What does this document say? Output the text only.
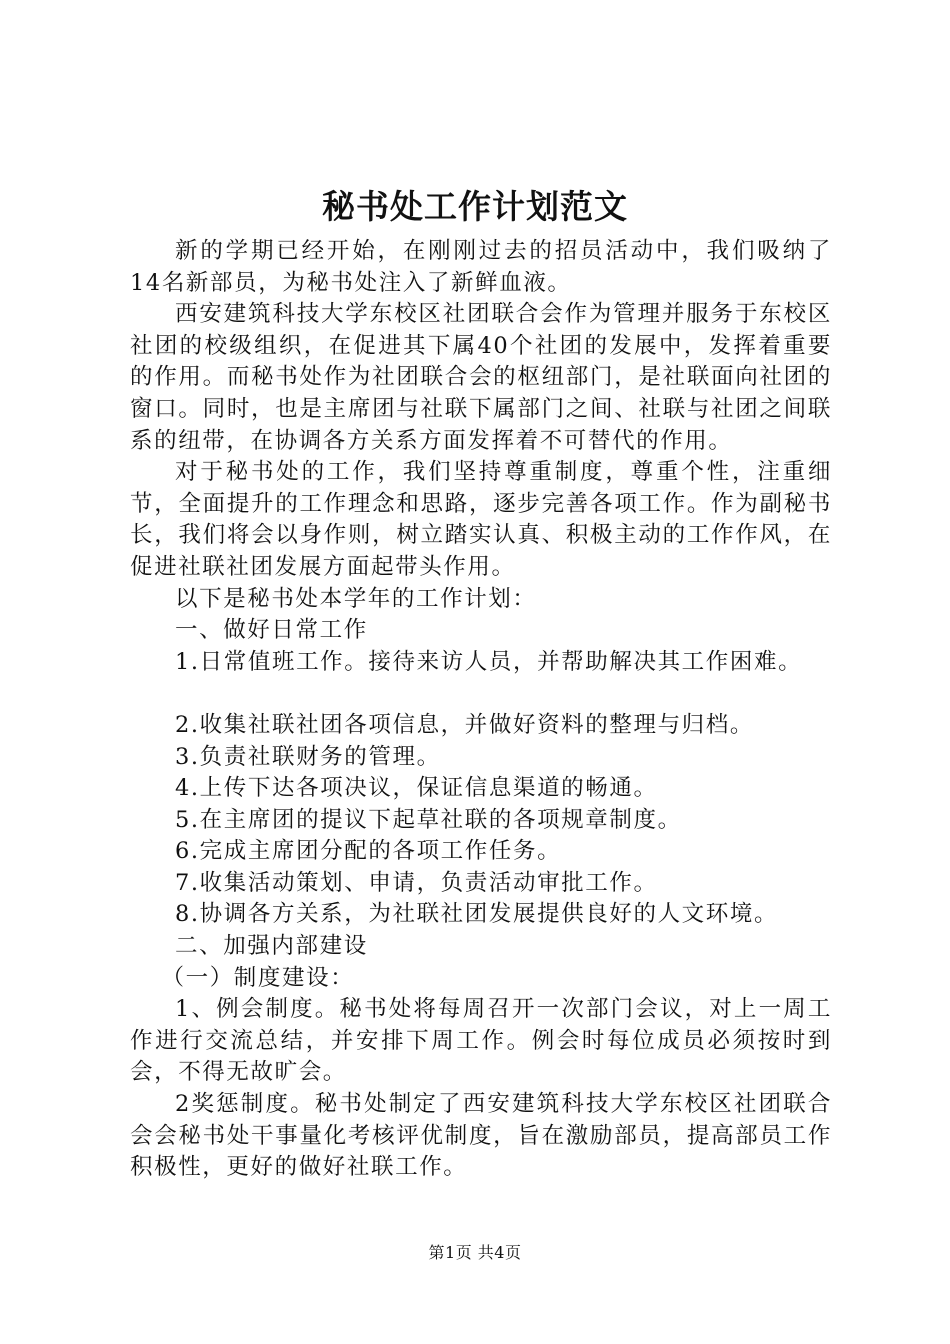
秘书处工作计划范文

新的学期已经开始，在刚刚过去的招员活动中，我们吸纳了14名新部员，为秘书处注入了新鲜血液。

西安建筑科技大学东校区社团联合会作为管理并服务于东校区社团的校级组织，在促进其下属40个社团的发展中，发挥着重要的作用。而秘书处作为社团联合会的枢纽部门，是社联面向社团的窗口。同时，也是主席团与社联下属部门之间、社联与社团之间联系的纽带，在协调各方关系方面发挥着不可替代的作用。

对于秘书处的工作，我们坚持尊重制度，尊重个性，注重细节，全面提升的工作理念和思路，逐步完善各项工作。作为副秘书长，我们将会以身作则，树立踏实认真、积极主动的工作作风，在促进社联社团发展方面起带头作用。

以下是秘书处本学年的工作计划：

一、做好日常工作

1.日常值班工作。接待来访人员，并帮助解决其工作困难。

2.收集社联社团各项信息，并做好资料的整理与归档。

3.负责社联财务的管理。

4.上传下达各项决议，保证信息渠道的畅通。

5.在主席团的提议下起草社联的各项规章制度。

6.完成主席团分配的各项工作任务。

7.收集活动策划、申请，负责活动审批工作。

8.协调各方关系，为社联社团发展提供良好的人文环境。

二、加强内部建设

（一）制度建设：

1、例会制度。秘书处将每周召开一次部门会议，对上一周工作进行交流总结，并安排下周工作。例会时每位成员必须按时到会，不得无故旷会。

2奖惩制度。秘书处制定了西安建筑科技大学东校区社团联合会会秘书处干事量化考核评优制度，旨在激励部员，提高部员工作积极性，更好的做好社联工作。

第1页 共4页
